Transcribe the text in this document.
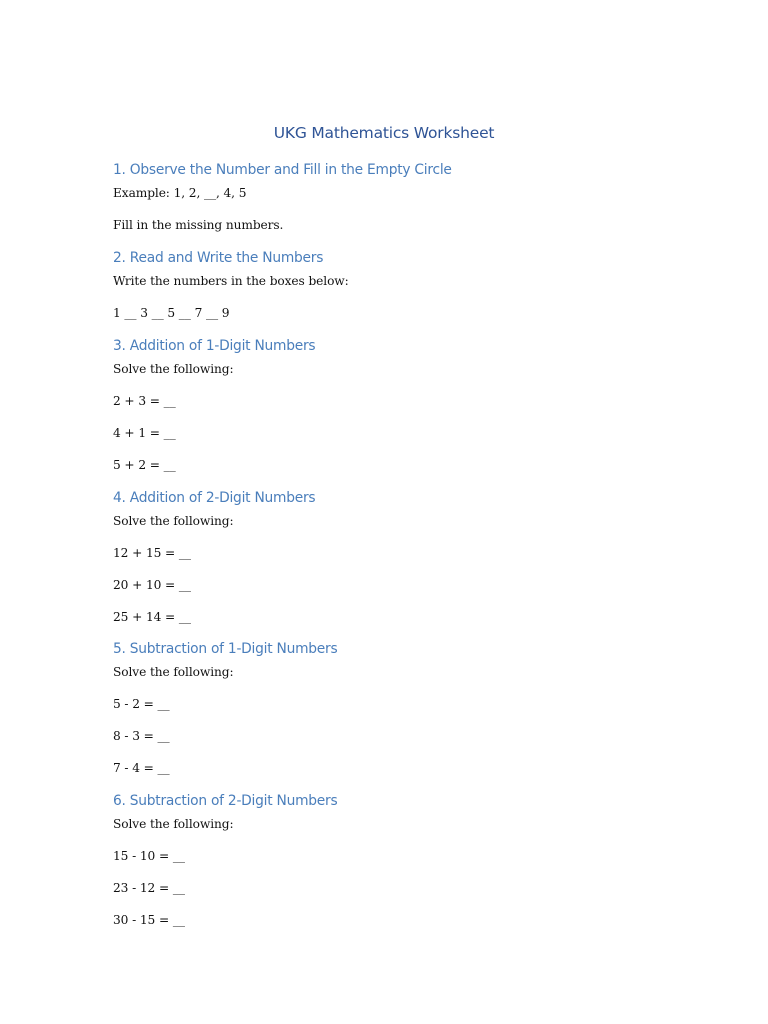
UKG Mathematics Worksheet
1. Observe the Number and Fill in the Empty Circle

Example: 1, 2, __, 4, 5

Fill in the missing numbers.

2. Read and Write the Numbers

Write the numbers in the boxes below:

1 __ 3 __ 5 __ 7 __ 9

3. Addition of 1-Digit Numbers

Solve the following:

2 + 3 = __

4 + 1 = __

5 + 2 = __

4. Addition of 2-Digit Numbers

Solve the following:

12 + 15 = __

20 + 10 = __

25 + 14 = __

5. Subtraction of 1-Digit Numbers

Solve the following:

5 - 2 = __

8 - 3 = __

7 - 4 = __

6. Subtraction of 2-Digit Numbers

Solve the following:

15 - 10 = __

23 - 12 = __

30 - 15 = __
